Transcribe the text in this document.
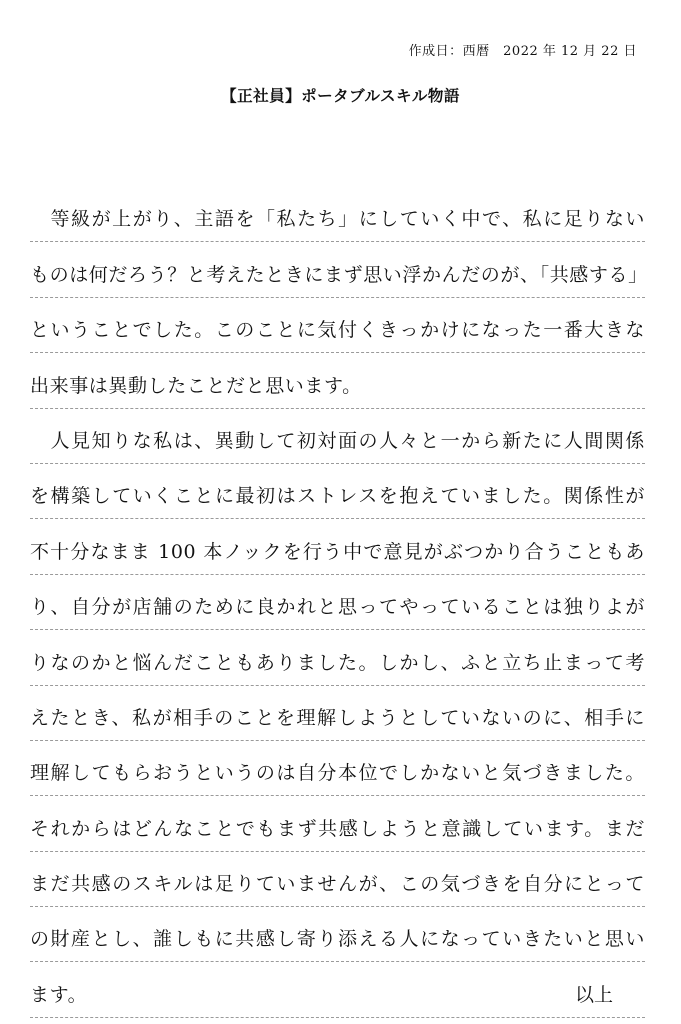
作成日：西暦　2022 年 12 月 22 日
【正社員】ポータブルスキル物語
　等級が上がり、主語を「私たち」にしていく中で、私に足りない
ものは何だろう？と考えたときにまず思い浮かんだのが、「共感する」
ということでした。このことに気付くきっかけになった一番大きな
出来事は異動したことだと思います。
　人見知りな私は、異動して初対面の人々と一から新たに人間関係
を構築していくことに最初はストレスを抱えていました。関係性が
不十分なまま 100 本ノックを行う中で意見がぶつかり合うこともあ
り、自分が店舗のために良かれと思ってやっていることは独りよが
りなのかと悩んだこともありました。しかし、ふと立ち止まって考
えたとき、私が相手のことを理解しようとしていないのに、相手に
理解してもらおうというのは自分本位でしかないと気づきました。
それからはどんなことでもまず共感しようと意識しています。まだ
まだ共感のスキルは足りていませんが、この気づきを自分にとって
の財産とし、誰しもに共感し寄り添える人になっていきたいと思い
ます。	以上
